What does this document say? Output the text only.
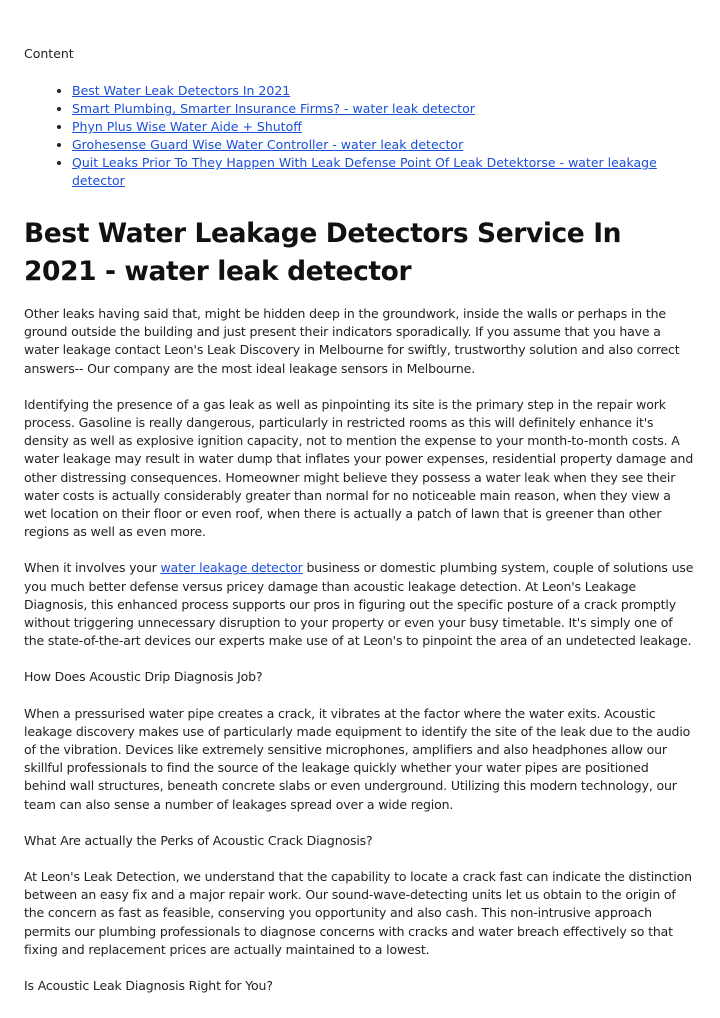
Content
• Best Water Leak Detectors In 2021
• Smart Plumbing, Smarter Insurance Firms? - water leak detector
• Phyn Plus Wise Water Aide + Shutoff
• Grohesense Guard Wise Water Controller - water leak detector
• Quit Leaks Prior To They Happen With Leak Defense Point Of Leak Detektorse - water leakage detector
Best Water Leakage Detectors Service In 2021 - water leak detector

Other leaks having said that, might be hidden deep in the groundwork, inside the walls or perhaps in the ground outside the building and just present their indicators sporadically. If you assume that you have a water leakage contact Leon's Leak Discovery in Melbourne for swiftly, trustworthy solution and also correct answers-- Our company are the most ideal leakage sensors in Melbourne.

Identifying the presence of a gas leak as well as pinpointing its site is the primary step in the repair work process. Gasoline is really dangerous, particularly in restricted rooms as this will definitely enhance it's density as well as explosive ignition capacity, not to mention the expense to your month-to-month costs. A water leakage may result in water dump that inflates your power expenses, residential property damage and other distressing consequences. Homeowner might believe they possess a water leak when they see their water costs is actually considerably greater than normal for no noticeable main reason, when they view a wet location on their floor or even roof, when there is actually a patch of lawn that is greener than other regions as well as even more.

When it involves your water leakage detector business or domestic plumbing system, couple of solutions use you much better defense versus pricey damage than acoustic leakage detection. At Leon's Leakage Diagnosis, this enhanced process supports our pros in figuring out the specific posture of a crack promptly without triggering unnecessary disruption to your property or even your busy timetable. It's simply one of the state-of-the-art devices our experts make use of at Leon's to pinpoint the area of an undetected leakage.

How Does Acoustic Drip Diagnosis Job?

When a pressurised water pipe creates a crack, it vibrates at the factor where the water exits. Acoustic leakage discovery makes use of particularly made equipment to identify the site of the leak due to the audio of the vibration. Devices like extremely sensitive microphones, amplifiers and also headphones allow our skillful professionals to find the source of the leakage quickly whether your water pipes are positioned behind wall structures, beneath concrete slabs or even underground. Utilizing this modern technology, our team can also sense a number of leakages spread over a wide region.

What Are actually the Perks of Acoustic Crack Diagnosis?

At Leon's Leak Detection, we understand that the capability to locate a crack fast can indicate the distinction between an easy fix and a major repair work. Our sound-wave-detecting units let us obtain to the origin of the concern as fast as feasible, conserving you opportunity and also cash. This non-intrusive approach permits our plumbing professionals to diagnose concerns with cracks and water breach effectively so that fixing and replacement prices are actually maintained to a lowest.

Is Acoustic Leak Diagnosis Right for You?
